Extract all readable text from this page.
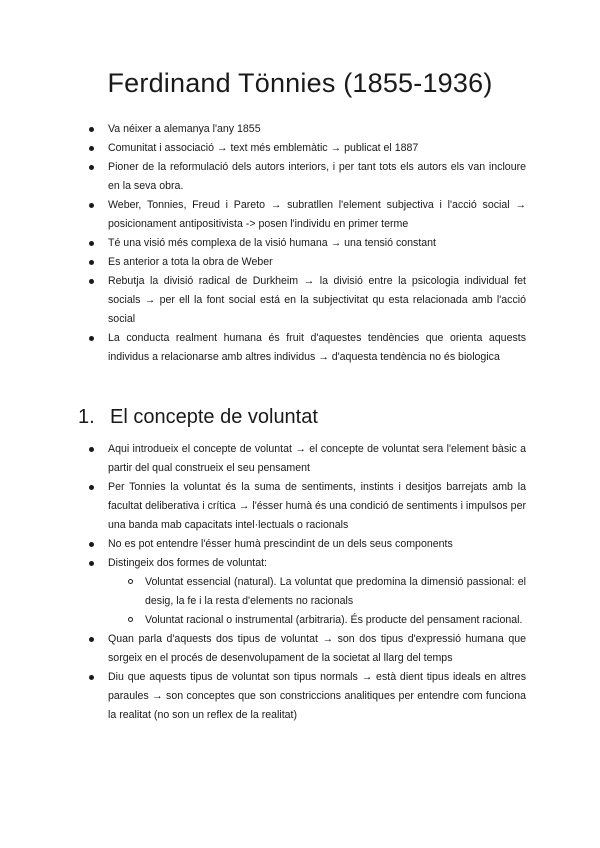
Ferdinand Tönnies (1855-1936)
Va néixer a alemanya l'any 1855
Comunitat i associació → text més emblemàtic → publicat el 1887
Pioner de la reformulació dels autors interiors, i per tant tots els autors els van incloure en la seva obra.
Weber, Tonnies, Freud i Pareto → subratllen l'element subjectiva i l'acció social → posicionament antipositivista -> posen l'individu en primer terme
Té una visió més complexa de la visió humana → una tensió constant
Es anterior a tota la obra de Weber
Rebutja la divisió radical de Durkheim → la divisió entre la psicologia individual fet socials → per ell la font social está en la subjectivitat qu esta relacionada amb l'acció social
La conducta realment humana és fruit d'aquestes tendències que orienta aquests individus a relacionarse amb altres individus → d'aquesta tendència no és biologica
1. El concepte de voluntat
Aqui introdueix el concepte de voluntat → el concepte de voluntat sera l'element bàsic a partir del qual construeix el seu pensament
Per Tonnies la voluntat és la suma de sentiments, instints i desitjos barrejats amb la facultat deliberativa i crítica → l'ésser humà és una condició de sentiments i impulsos per una banda mab capacitats intel·lectuals o racionals
No es pot entendre l'ésser humà prescindint de un dels seus components
Distingeix dos formes de voluntat:
Voluntat essencial (natural). La voluntat que predomina la dimensió passional: el desig, la fe i la resta d'elements no racionals
Voluntat racional o instrumental (arbitraria). És producte del pensament racional.
Quan parla d'aquests dos tipus de voluntat → son dos tipus d'expressió humana que sorgeix en el procés de desenvolupament de la societat al llarg del temps
Diu que aquests tipus de voluntat son tipus normals → està dient tipus ideals en altres paraules → son conceptes que son constriccions analitiques per entendre com funciona la realitat (no son un reflex de la realitat)
